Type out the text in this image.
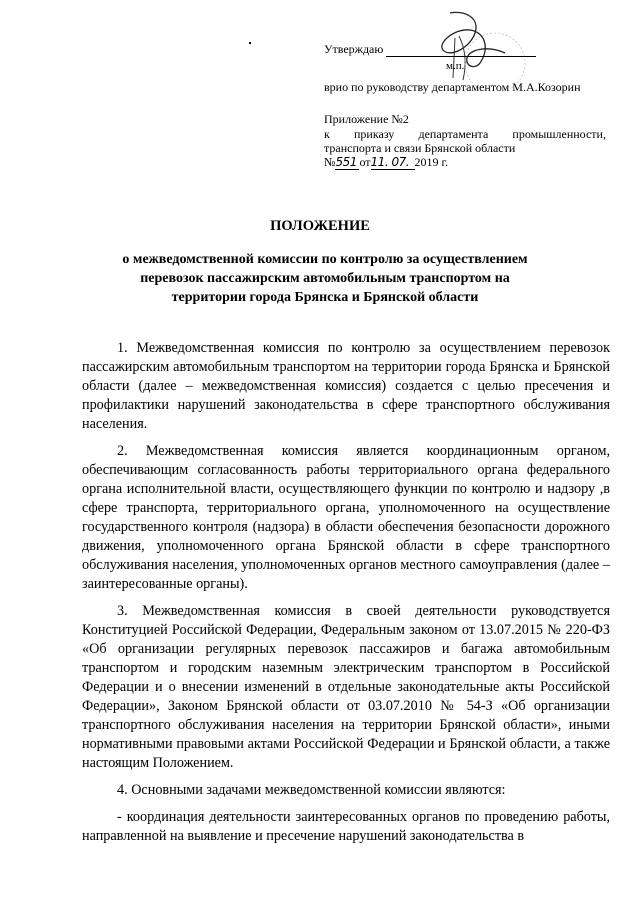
Утверждаю
м.п.
врио по руководству департаментом М.А.Козорин
Приложение №2
к приказу департамента промышленности,
транспорта и связи Брянской области
№551 от11. 07. 2019 г.
ПОЛОЖЕНИЕ
о межведомственной комиссии по контролю за осуществлением перевозок пассажирским автомобильным транспортом на территории города Брянска и Брянской области

1. Межведомственная комиссия по контролю за осуществлением перевозок пассажирским автомобильным транспортом на территории города Брянска и Брянской области (далее – межведомственная комиссия) создается с целью пресечения и профилактики нарушений законодательства в сфере транспортного обслуживания населения.

2. Межведомственная комиссия является координационным органом, обеспечивающим согласованность работы территориального органа федерального органа исполнительной власти, осуществляющего функции по контролю и надзору ,в сфере транспорта, территориального органа, уполномоченного на осуществление государственного контроля (надзора) в области обеспечения безопасности дорожного движения, уполномоченного органа Брянской области в сфере транспортного обслуживания населения, уполномоченных органов местного самоуправления (далее – заинтересованные органы).

3. Межведомственная комиссия в своей деятельности руководствуется Конституцией Российской Федерации, Федеральным законом от 13.07.2015 № 220-ФЗ «Об организации регулярных перевозок пассажиров и багажа автомобильным транспортом и городским наземным электрическим транспортом в Российской Федерации и о внесении изменений в отдельные законодательные акты Российской Федерации», Законом Брянской области от 03.07.2010 № 54-З «Об организации транспортного обслуживания населения на территории Брянской области», иными нормативными правовыми актами Российской Федерации и Брянской области, а также настоящим Положением.

4. Основными задачами межведомственной комиссии являются:

- координация деятельности заинтересованных органов по проведению работы, направленной на выявление и пресечение нарушений законодательства в
